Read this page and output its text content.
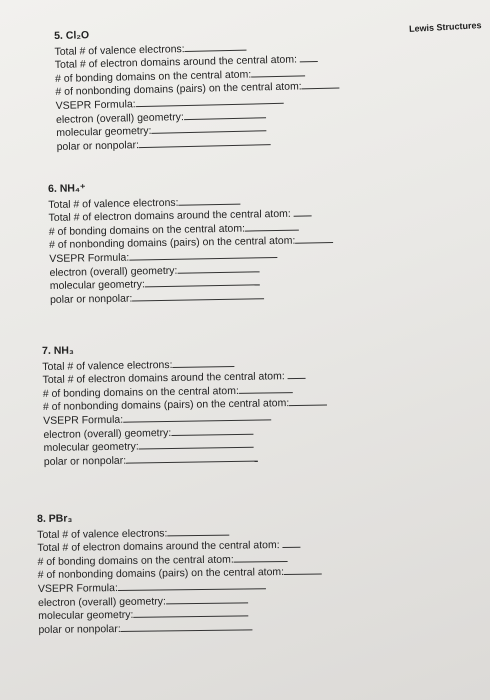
Lewis Structures
5. Cl₂O
Total # of valence electrons:
Total # of electron domains around the central atom:
# of bonding domains on the central atom:
# of nonbonding domains (pairs) on the central atom:
VSEPR Formula:
electron (overall) geometry:
molecular geometry:
polar or nonpolar:
6. NH₄⁺
Total # of valence electrons:
Total # of electron domains around the central atom:
# of bonding domains on the central atom:
# of nonbonding domains (pairs) on the central atom:
VSEPR Formula:
electron (overall) geometry:
molecular geometry:
polar or nonpolar:
7. NH₃
Total # of valence electrons:
Total # of electron domains around the central atom:
# of bonding domains on the central atom:
# of nonbonding domains (pairs) on the central atom:
VSEPR Formula:
electron (overall) geometry:
molecular geometry:
polar or nonpolar:
8. PBr₃
Total # of valence electrons:
Total # of electron domains around the central atom:
# of bonding domains on the central atom:
# of nonbonding domains (pairs) on the central atom:
VSEPR Formula:
electron (overall) geometry:
molecular geometry:
polar or nonpolar:
